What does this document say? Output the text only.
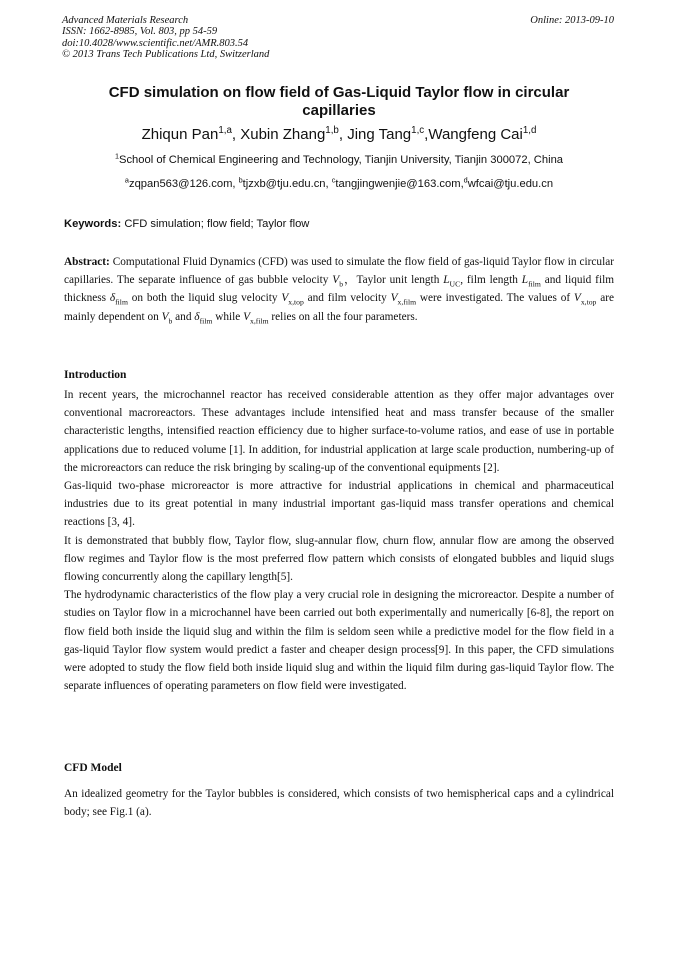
Advanced Materials Research
ISSN: 1662-8985, Vol. 803, pp 54-59
doi:10.4028/www.scientific.net/AMR.803.54
© 2013 Trans Tech Publications Ltd, Switzerland
Online: 2013-09-10
CFD simulation on flow field of Gas-Liquid Taylor flow in circular capillaries
Zhiqun Pan$^{1,a}$, Xubin Zhang$^{1,b}$, Jing Tang$^{1,c}$,Wangfeng Cai$^{1,d}$
$^1$School of Chemical Engineering and Technology, Tianjin University, Tianjin 300072, China
$^a$zqpan563@126.com, $^b$tjzxb@tju.edu.cn, $^c$tangjingwenjie@163.com,$^d$wfcai@tju.edu.cn
Keywords: CFD simulation; flow field; Taylor flow

Abstract: Computational Fluid Dynamics (CFD) was used to simulate the flow field of gas-liquid Taylor flow in circular capillaries. The separate influence of gas bubble velocity $V_b$，Taylor unit length $L_{UC}$, film length $L_{film}$ and liquid film thickness $\delta_{film}$ on both the liquid slug velocity $V_{x,top}$ and film velocity $V_{x,film}$ were investigated. The values of $V_{x,top}$ are mainly dependent on $V_b$ and $\delta_{film}$ while $V_{x,film}$ relies on all the four parameters.

Introduction

In recent years, the microchannel reactor has received considerable attention as they offer major advantages over conventional macroreactors. These advantages include intensified heat and mass transfer because of the smaller characteristic lengths, intensified reaction efficiency due to higher surface-to-volume ratios, and ease of use in portable applications due to reduced volume [1]. In addition, for industrial application at large scale production, numbering-up of the microreactors can reduce the risk bringing by scaling-up of the conventional equipments [2].

Gas-liquid two-phase microreactor is more attractive for industrial applications in chemical and pharmaceutical industries due to its great potential in many industrial important gas-liquid mass transfer operations and chemical reactions [3, 4].

It is demonstrated that bubbly flow, Taylor flow, slug-annular flow, churn flow, annular flow are among the observed flow regimes and Taylor flow is the most preferred flow pattern which consists of elongated bubbles and liquid slugs flowing concurrently along the capillary length[5].

The hydrodynamic characteristics of the flow play a very crucial role in designing the microreactor. Despite a number of studies on Taylor flow in a microchannel have been carried out both experimentally and numerically [6-8], the report on flow field both inside the liquid slug and within the film is seldom seen while a predictive model for the flow field in a gas-liquid Taylor flow system would predict a faster and cheaper design process[9]. In this paper, the CFD simulations were adopted to study the flow field both inside liquid slug and within the liquid film during gas-liquid Taylor flow. The separate influences of operating parameters on flow field were investigated.

CFD Model

An idealized geometry for the Taylor bubbles is considered, which consists of two hemispherical caps and a cylindrical body; see Fig.1 (a).
